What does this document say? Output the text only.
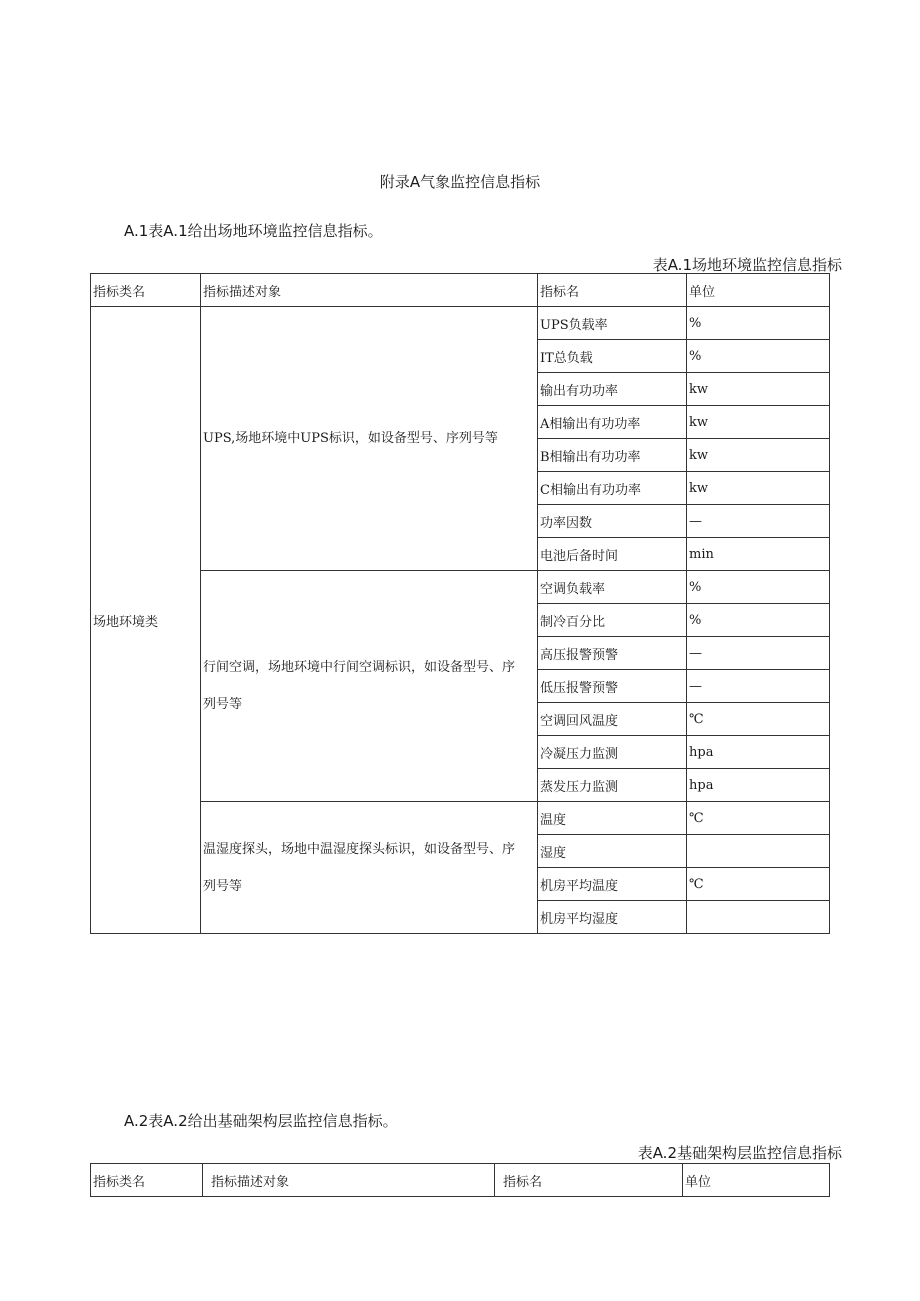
附录A气象监控信息指标
A.1表A.1给出场地环境监控信息指标。
表A.1场地环境监控信息指标
指标类名	指标描述对象	指标名	单位
场地环境类	UPS,场地环境中UPS标识，如设备型号、序列号等	UPS负载率	%
		IT总负载	%
		输出有功功率	kw
		A相输出有功功率	kw
		B相输出有功功率	kw
		C相输出有功功率	kw
		功率因数	—
		电池后备时间	min
	行间空调，场地环境中行间空调标识，如设备型号、序列号等	空调负载率	%
		制冷百分比	%
		高压报警预警	—
		低压报警预警	—
		空调回风温度	℃
		冷凝压力监测	hpa
		蒸发压力监测	hpa
	温湿度探头，场地中温湿度探头标识，如设备型号、序列号等	温度	℃
		湿度	
		机房平均温度	℃
		机房平均湿度	
A.2表A.2给出基础架构层监控信息指标。
表A.2基础架构层监控信息指标
指标类名	指标描述对象	指标名	单位
